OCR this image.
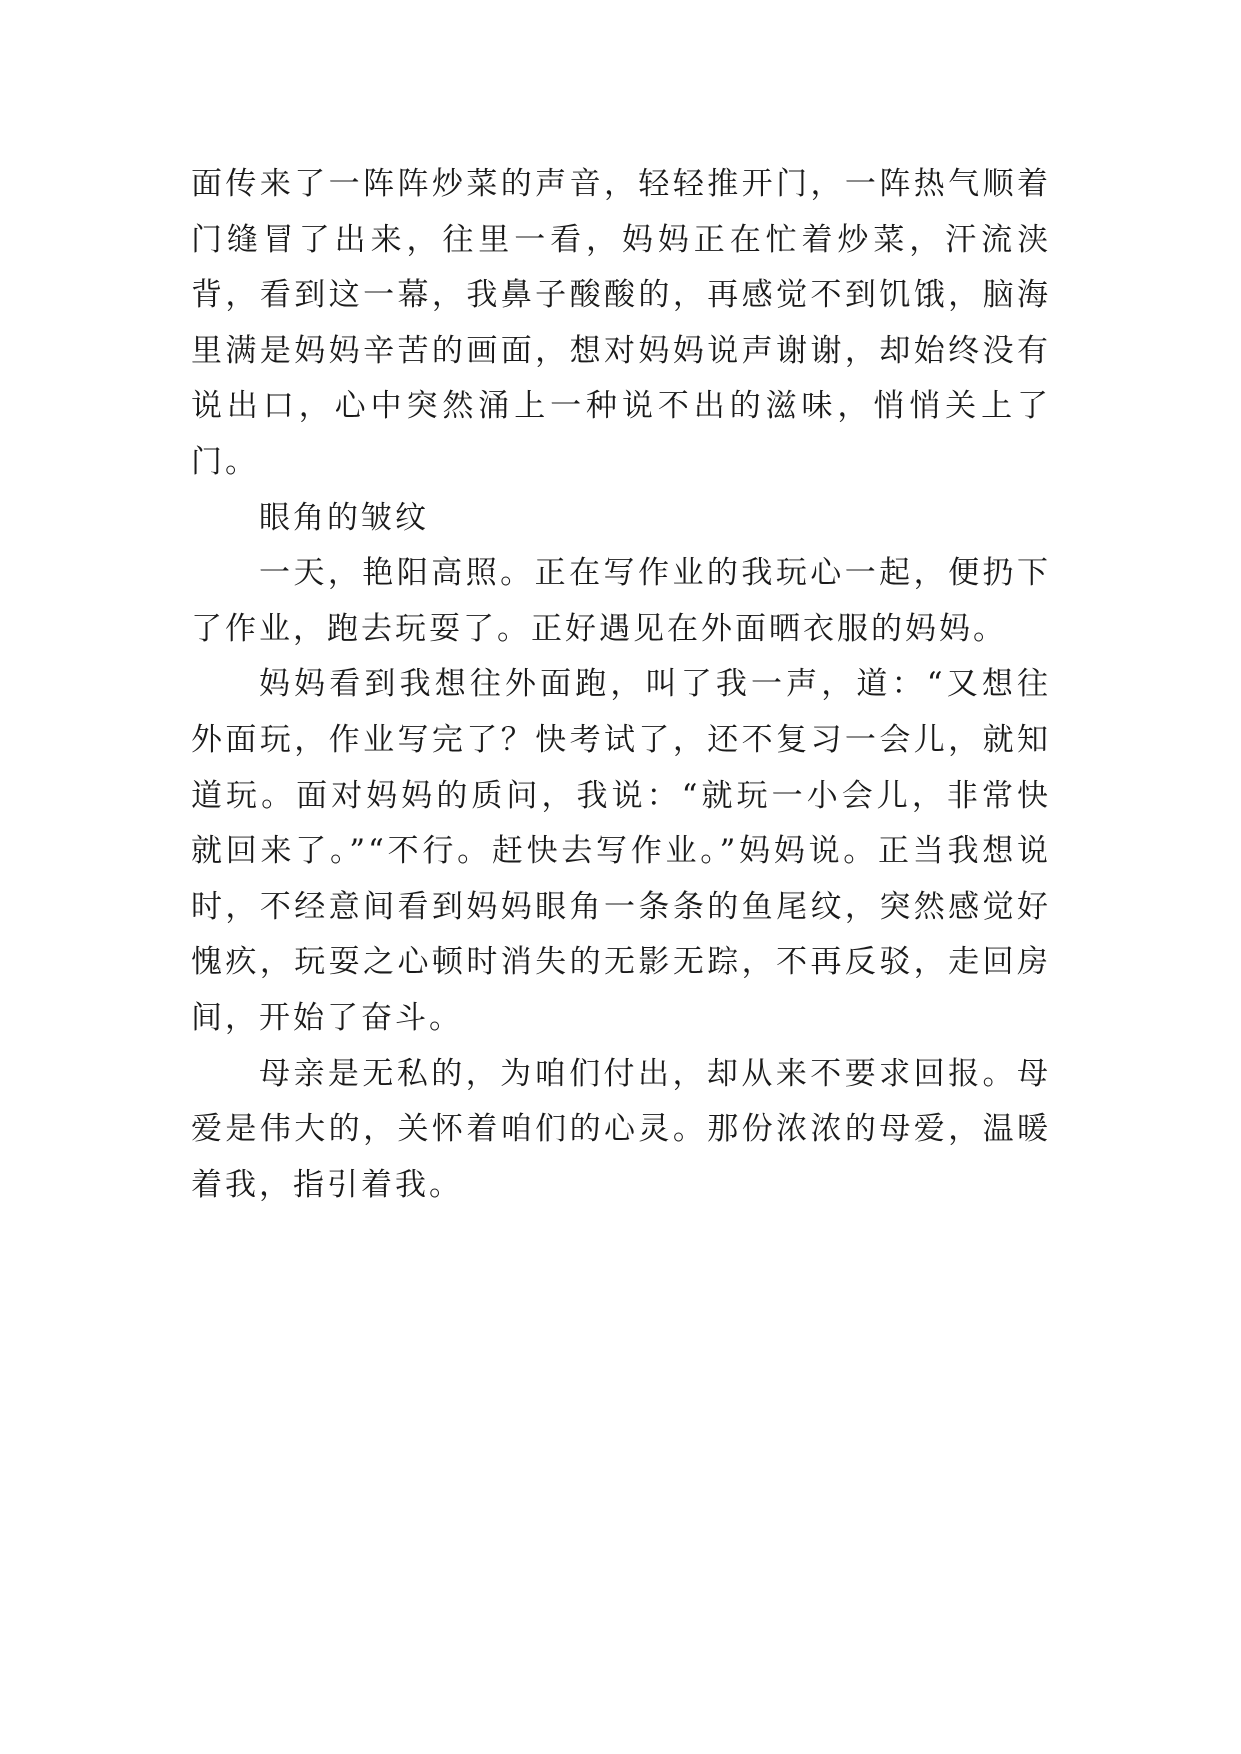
面传来了一阵阵炒菜的声音，轻轻推开门，一阵热气顺着门缝冒了出来，往里一看，妈妈正在忙着炒菜，汗流浃背，看到这一幕，我鼻子酸酸的，再感觉不到饥饿，脑海里满是妈妈辛苦的画面，想对妈妈说声谢谢，却始终没有说出口，心中突然涌上一种说不出的滋味，悄悄关上了门。

眼角的皱纹

一天，艳阳高照。正在写作业的我玩心一起，便扔下了作业，跑去玩耍了。正好遇见在外面晒衣服的妈妈。

妈妈看到我想往外面跑，叫了我一声，道：“又想往外面玩，作业写完了？快考试了，还不复习一会儿，就知道玩。面对妈妈的质问，我说：“就玩一小会儿，非常快就回来了。”“不行。赶快去写作业。”妈妈说。正当我想说时，不经意间看到妈妈眼角一条条的鱼尾纹，突然感觉好愧疚，玩耍之心顿时消失的无影无踪，不再反驳，走回房间，开始了奋斗。

母亲是无私的，为咱们付出，却从来不要求回报。母爱是伟大的，关怀着咱们的心灵。那份浓浓的母爱，温暖着我，指引着我。
